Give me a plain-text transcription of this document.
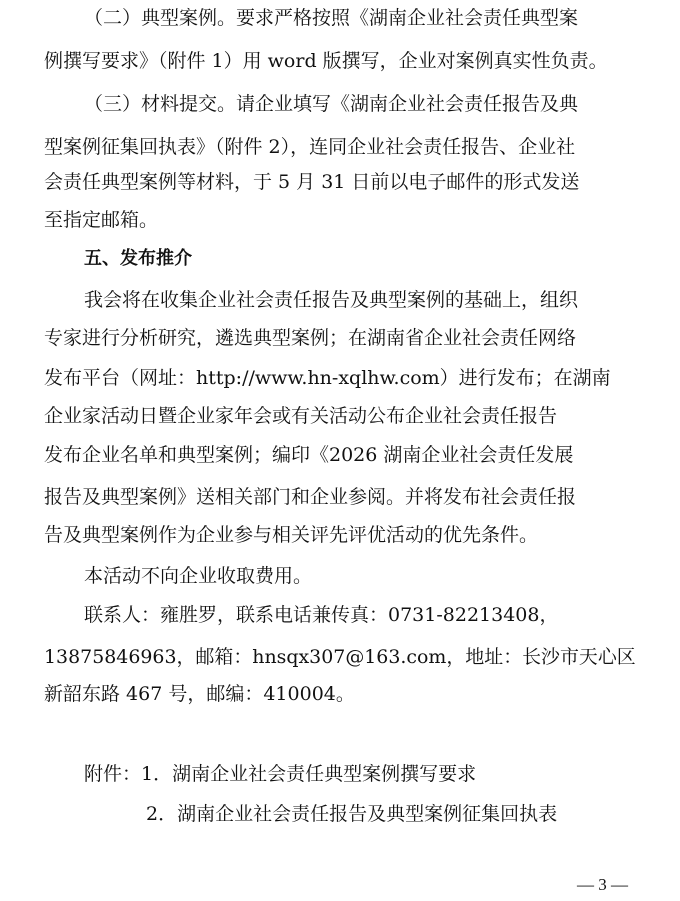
（二）典型案例。要求严格按照《湖南企业社会责任典型案
例撰写要求》（附件 1）用 word 版撰写，企业对案例真实性负责。
（三）材料提交。请企业填写《湖南企业社会责任报告及典
型案例征集回执表》（附件 2），连同企业社会责任报告、企业社
会责任典型案例等材料，于 5 月 31 日前以电子邮件的形式发送
至指定邮箱。
五、发布推介
我会将在收集企业社会责任报告及典型案例的基础上，组织
专家进行分析研究，遴选典型案例；在湖南省企业社会责任网络
发布平台（网址：http://www.hn-xqlhw.com）进行发布；在湖南
企业家活动日暨企业家年会或有关活动公布企业社会责任报告
发布企业名单和典型案例；编印《2026 湖南企业社会责任发展
报告及典型案例》送相关部门和企业参阅。并将发布社会责任报
告及典型案例作为企业参与相关评先评优活动的优先条件。
本活动不向企业收取费用。
联系人：雍胜罗，联系电话兼传真：0731-82213408，
13875846963，邮箱：hnsqx307@163.com，地址：长沙市天心区
新韶东路 467 号，邮编：410004。
附件：1．湖南企业社会责任典型案例撰写要求
2．湖南企业社会责任报告及典型案例征集回执表
— 3 —
